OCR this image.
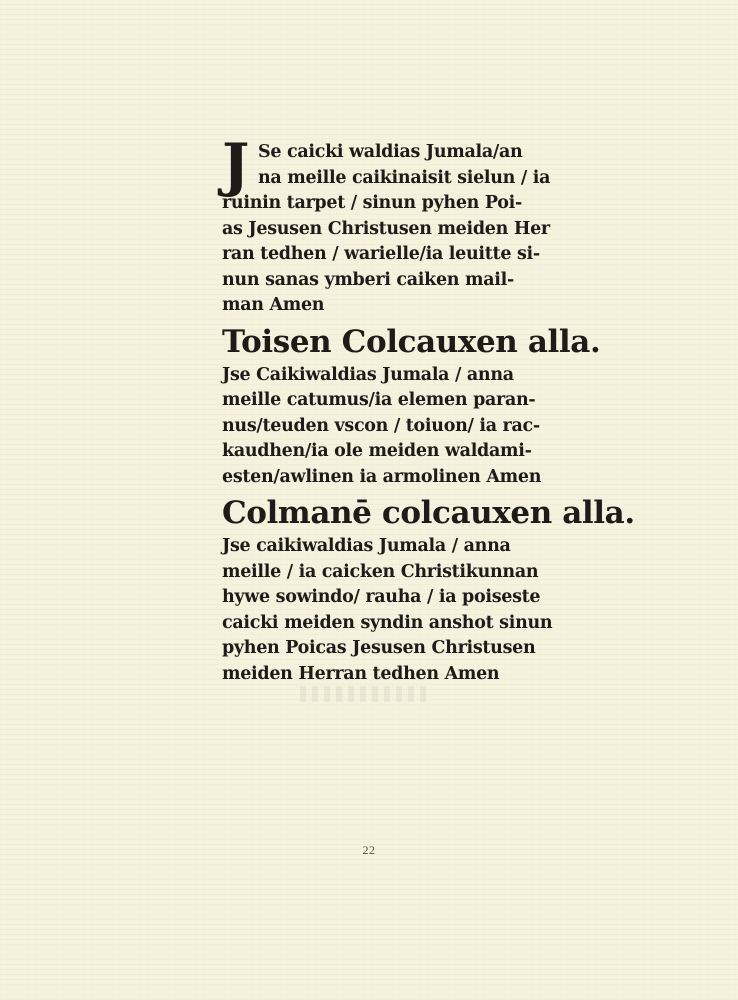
J Se caicki waldias Jumala/an
na meille caikinaisit sielun / ia
ruinin tarpet / sinun pyhen Poi-
as Jesusen Christusen meiden Her
ran tedhen / warielle/ia leuitte si-
nun sanas ymberi caiken mail-
man Amen
Toisen Colcauxen alla.
Jse Caikiwaldias Jumala / anna
meille catumus/ia elemen paran-
nus/teuden vscon / toiuon/ ia rac-
kaudhen/ia ole meiden waldami-
esten/awlinen ia armolinen Amen
Colmanē colcauxen alla.
Jse caikiwaldias Jumala / anna
meille / ia caicken Christikunnan
hywe sowindo/ rauha / ia poiseste
caicki meiden syndin anshot sinun
pyhen Poicas Jesusen Christusen
meiden Herran tedhen Amen
22
